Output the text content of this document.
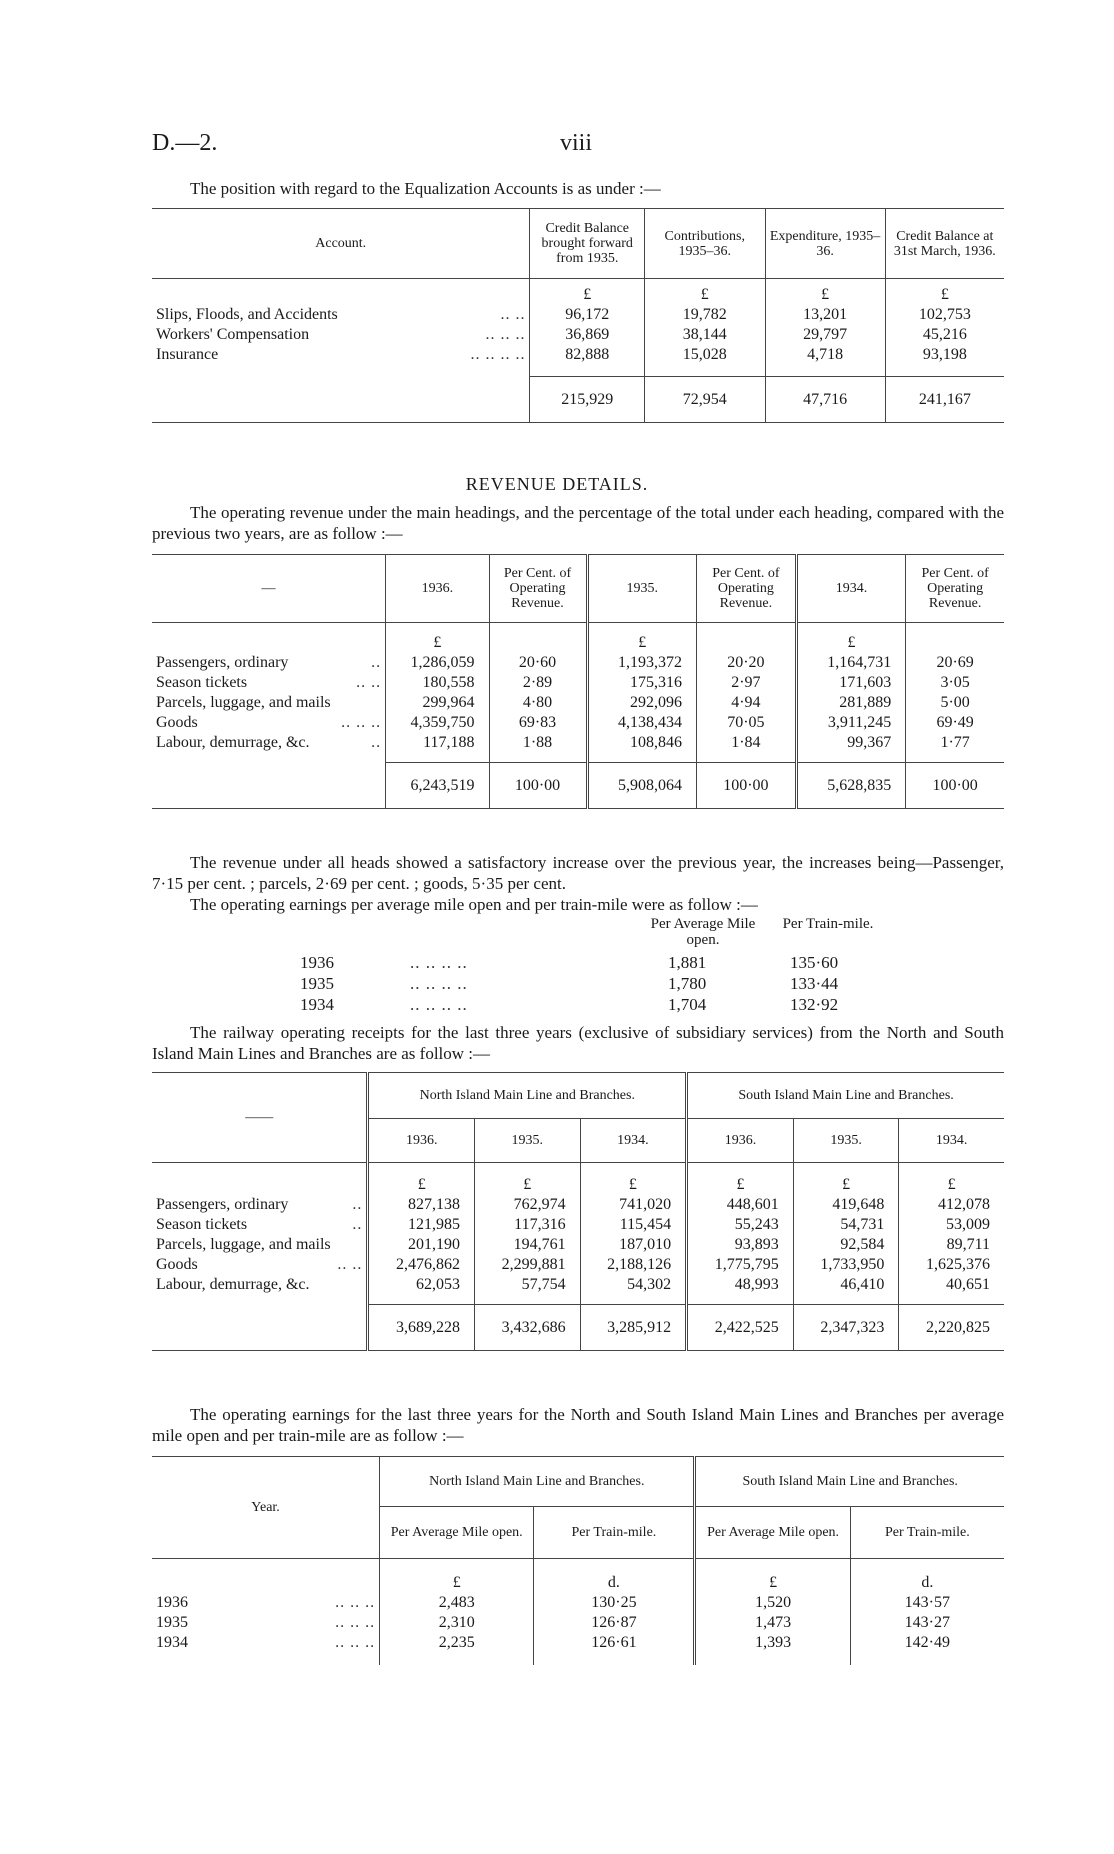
D.—2.	viii
The position with regard to the Equalization Accounts is as under :—
Account.	Credit Balance brought forward from 1935.	Contributions, 1935–36.	Expenditure, 1935–36.	Credit Balance at 31st March, 1936.
	£	£	£	£
Slips, Floods, and Accidents .. ..	96,172	19,782	13,201	102,753
Workers' Compensation .. .. ..	36,869	38,144	29,797	45,216
Insurance .. .. .. ..	82,888	15,028	4,718	93,198

	215,929	72,954	47,716	241,167
REVENUE DETAILS.
The operating revenue under the main headings, and the percentage of the total under each heading, compared with the previous two years, are as follow :—
—	1936.	Per Cent. of Operating Revenue.	1935.	Per Cent. of Operating Revenue.	1934.	Per Cent. of Operating Revenue.
	£		£		£	
Passengers, ordinary ..	1,286,059	20·60	1,193,372	20·20	1,164,731	20·69
Season tickets .. ..	180,558	2·89	175,316	2·97	171,603	3·05
Parcels, luggage, and mails	299,964	4·80	292,096	4·94	281,889	5·00
Goods .. .. ..	4,359,750	69·83	4,138,434	70·05	3,911,245	69·49
Labour, demurrage, &c. ..	117,188	1·88	108,846	1·84	99,367	1·77

	6,243,519	100·00	5,908,064	100·00	5,628,835	100·00
The revenue under all heads showed a satisfactory increase over the previous year, the increases being—Passenger, 7·15 per cent. ; parcels, 2·69 per cent. ; goods, 5·35 per cent.
The operating earnings per average mile open and per train-mile were as follow :—
Per Average Mile open.
Per Train-mile.
1936	.. .. .. ..	1,881	135·60
1935	.. .. .. ..	1,780	133·44
1934	.. .. .. ..	1,704	132·92
The railway operating receipts for the last three years (exclusive of subsidiary services) from the North and South Island Main Lines and Branches are as follow :—
——	North Island Main Line and Branches.			South Island Main Line and Branches.		
	1936.	1935.	1934.	1936.	1935.	1934.
	£	£	£	£	£	£
Passengers, ordinary ..	827,138	762,974	741,020	448,601	419,648	412,078
Season tickets ..	121,985	117,316	115,454	55,243	54,731	53,009
Parcels, luggage, and mails	201,190	194,761	187,010	93,893	92,584	89,711
Goods .. ..	2,476,862	2,299,881	2,188,126	1,775,795	1,733,950	1,625,376
Labour, demurrage, &c.	62,053	57,754	54,302	48,993	46,410	40,651

	3,689,228	3,432,686	3,285,912	2,422,525	2,347,323	2,220,825
The operating earnings for the last three years for the North and South Island Main Lines and Branches per average mile open and per train-mile are as follow :—
Year.	North Island Main Line and Branches.		South Island Main Line and Branches.	
	Per Average Mile open.	Per Train-mile.	Per Average Mile open.	Per Train-mile.
	£	d.	£	d.
1936 .. .. ..	2,483	130·25	1,520	143·57
1935 .. .. ..	2,310	126·87	1,473	143·27
1934 .. .. ..	2,235	126·61	1,393	142·49
